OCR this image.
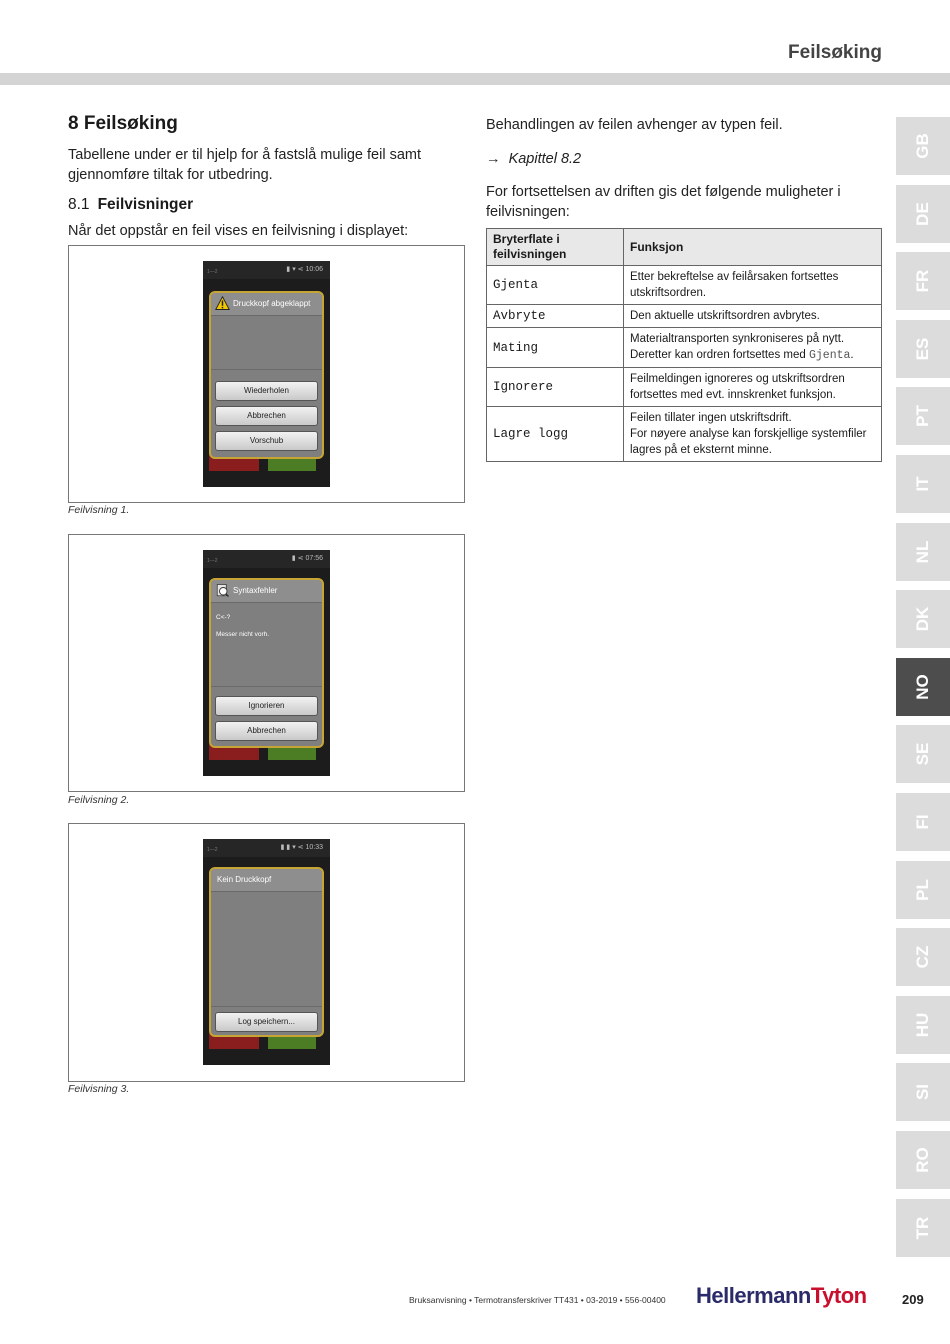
Feilsøking
8 Feilsøking
Tabellene under er til hjelp for å fastslå mulige feil samt gjennomføre tiltak for utbedring.
8.1 Feilvisninger
Når det oppstår en feil vises en feilvisning i displayet:
1—2	▮ ▾ ⋖ 10:06
Druckkopf abgeklappt
Wiederholen
Abbrechen
Vorschub
Feilvisning 1.
1—2	▮ ⋖ 07:56
Syntaxfehler
C<-?
Messer nicht vorh.
Ignorieren
Abbrechen
Feilvisning 2.
1—2	▮ ▮ ▾ ⋖ 10:33
Kein Druckkopf
Log speichern...
Feilvisning 3.
Behandlingen av feilen avhenger av typen feil.
→ Kapittel 8.2
For fortsettelsen av driften gis det følgende muligheter i feilvisningen:
Bryterflate i feilvisningen	Funksjon
Gjenta	Etter bekreftelse av feilårsaken fortsettes utskriftsordren.
Avbryte	Den aktuelle utskriftsordren avbrytes.
Mating	Materialtransporten synkroniseres på nytt. Deretter kan ordren fortsettes med Gjenta.
Ignorere	Feilmeldingen ignoreres og utskriftsordren fortsettes med evt. innskrenket funksjon.
Lagre logg	Feilen tillater ingen utskriftsdrift.
For nøyere analyse kan forskjellige systemfiler lagres på et eksternt minne.
GB
DE
FR
ES
PT
IT
NL
DK
NO
SE
FI
PL
CZ
HU
SI
RO
TR
Bruksanvisning • Termotransferskriver TT431 • 03-2019 • 556-00400 HellermannTyton	209
